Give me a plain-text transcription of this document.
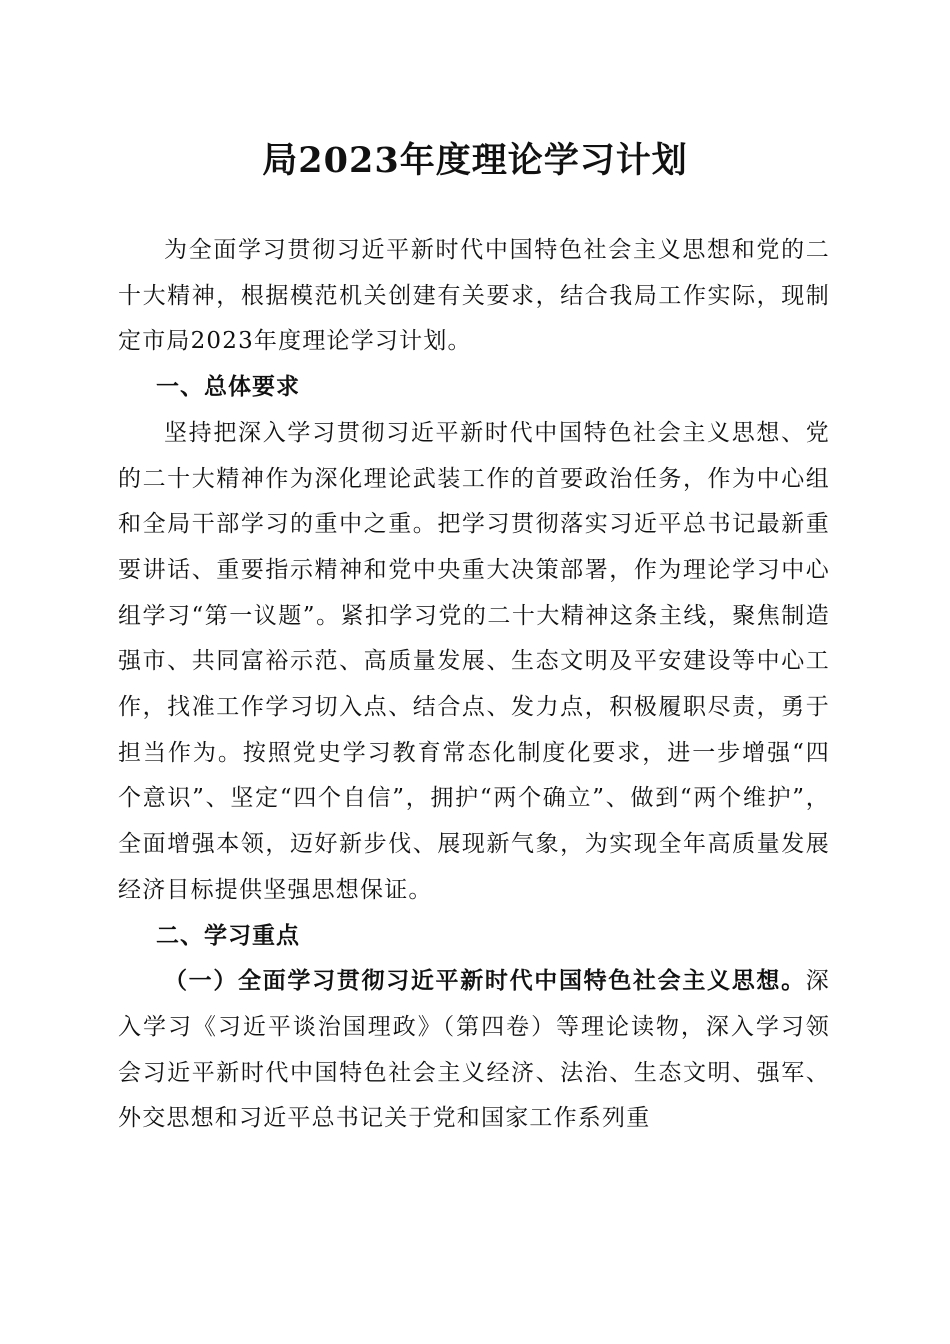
局2023年度理论学习计划

为全面学习贯彻习近平新时代中国特色社会主义思想和党的二十大精神，根据模范机关创建有关要求，结合我局工作实际，现制定市局2023年度理论学习计划。

一、总体要求

坚持把深入学习贯彻习近平新时代中国特色社会主义思想、党的二十大精神作为深化理论武装工作的首要政治任务，作为中心组和全局干部学习的重中之重。把学习贯彻落实习近平总书记最新重要讲话、重要指示精神和党中央重大决策部署，作为理论学习中心组学习“第一议题”。紧扣学习党的二十大精神这条主线，聚焦制造强市、共同富裕示范、高质量发展、生态文明及平安建设等中心工作，找准工作学习切入点、结合点、发力点，积极履职尽责，勇于担当作为。按照党史学习教育常态化制度化要求，进一步增强“四个意识”、坚定“四个自信”，拥护“两个确立”、做到“两个维护”，全面增强本领，迈好新步伐、展现新气象，为实现全年高质量发展经济目标提供坚强思想保证。

二、学习重点

（一）全面学习贯彻习近平新时代中国特色社会主义思想。深入学习《习近平谈治国理政》（第四卷）等理论读物，深入学习领会习近平新时代中国特色社会主义经济、法治、生态文明、强军、外交思想和习近平总书记关于党和国家工作系列重
